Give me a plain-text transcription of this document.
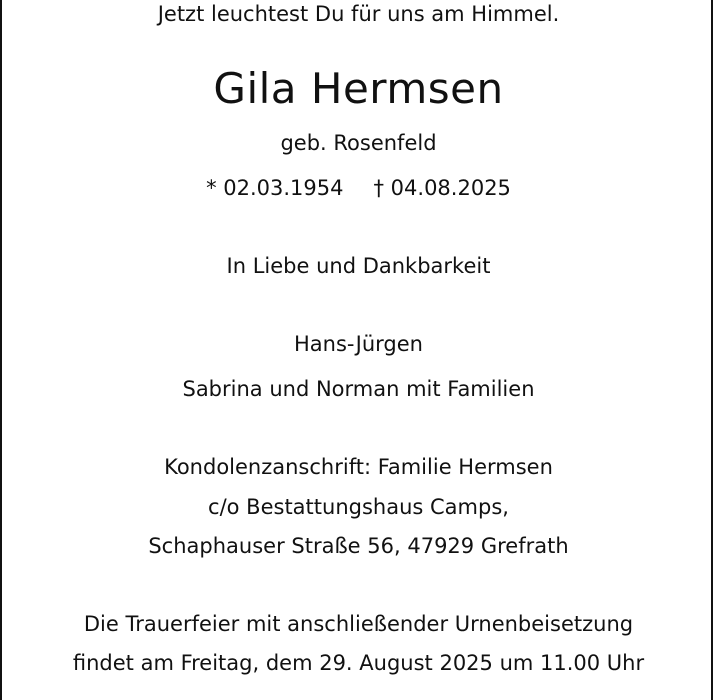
Jetzt leuchtest Du für uns am Himmel.
Gila Hermsen
geb. Rosenfeld
* 02.03.1954 † 04.08.2025
In Liebe und Dankbarkeit
Hans-Jürgen
Sabrina und Norman mit Familien
Kondolenzanschrift: Familie Hermsen
c/o Bestattungshaus Camps,
Schaphauser Straße 56, 47929 Grefrath
Die Trauerfeier mit anschließender Urnenbeisetzung
findet am Freitag, dem 29. August 2025 um 11.00 Uhr
